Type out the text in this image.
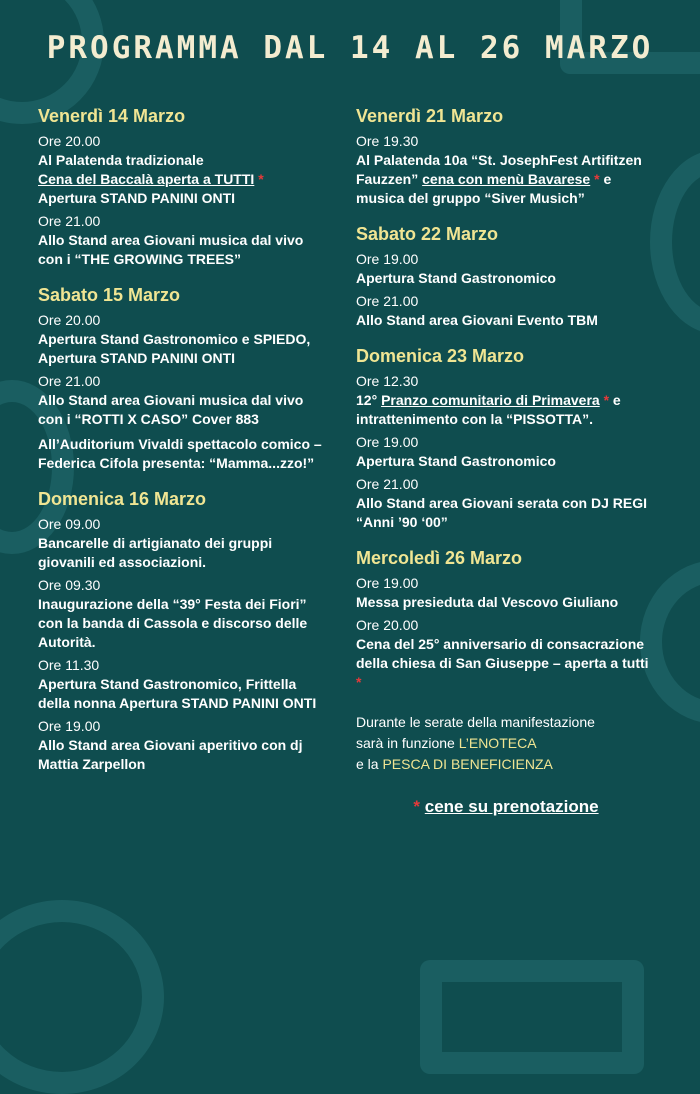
PROGRAMMA DAL 14 AL 26 MARZO
Venerdì 14 Marzo
Ore 20.00
Al Palatenda tradizionale
Cena del Baccalà aperta a TUTTI *
Apertura STAND PANINI ONTI
Ore 21.00
Allo Stand area Giovani musica dal vivo con i “THE GROWING TREES”
Sabato 15 Marzo
Ore 20.00
Apertura Stand Gastronomico e SPIEDO, Apertura STAND PANINI ONTI
Ore 21.00
Allo Stand area Giovani musica dal vivo con i “ROTTI X CASO” Cover 883
All’Auditorium Vivaldi spettacolo comico – Federica Cifola presenta: “Mamma...zzo!”
Domenica 16 Marzo
Ore 09.00
Bancarelle di artigianato dei gruppi giovanili ed associazioni.
Ore 09.30
Inaugurazione della “39° Festa dei Fiori” con la banda di Cassola e discorso delle Autorità.
Ore 11.30
Apertura Stand Gastronomico, Frittella della nonna Apertura STAND PANINI ONTI
Ore 19.00
Allo Stand area Giovani aperitivo con dj Mattia Zarpellon
Venerdì 21 Marzo
Ore 19.30
Al Palatenda 10a “St. JosephFest Artifitzen Fauzzen” cena con menù Bavarese * e musica del gruppo “Siver Musich”
Sabato 22 Marzo
Ore 19.00
Apertura Stand Gastronomico
Ore 21.00
Allo Stand area Giovani Evento TBM
Domenica 23 Marzo
Ore 12.30
12° Pranzo comunitario di Primavera * e intrattenimento con la “PISSOTTA”.
Ore 19.00
Apertura Stand Gastronomico
Ore 21.00
Allo Stand area Giovani serata con DJ REGI “Anni ’90 ‘00”
Mercoledì 26 Marzo
Ore 19.00
Messa presieduta dal Vescovo Giuliano
Ore 20.00
Cena del 25° anniversario di consacrazione della chiesa di San Giuseppe – aperta a tutti *
Durante le serate della manifestazione
sarà in funzione L’ENOTECA
e la PESCA DI BENEFICIENZA
* cene su prenotazione
